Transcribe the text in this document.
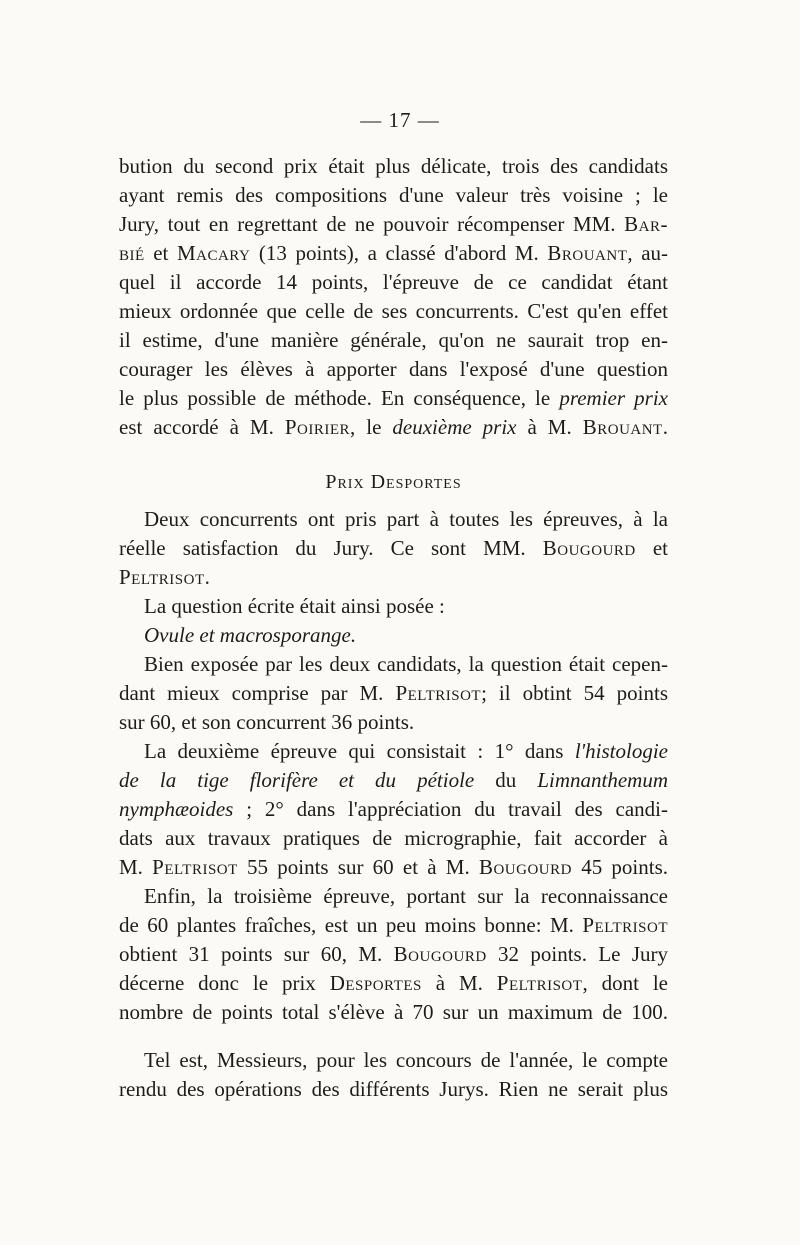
— 17 —
bution du second prix était plus délicate, trois des candidats
ayant remis des compositions d'une valeur très voisine ; le
Jury, tout en regrettant de ne pouvoir récompenser MM. Bar-
bié et Macary (13 points), a classé d'abord M. Brouant, au-
quel il accorde 14 points, l'épreuve de ce candidat étant
mieux ordonnée que celle de ses concurrents. C'est qu'en effet
il estime, d'une manière générale, qu'on ne saurait trop en-
courager les élèves à apporter dans l'exposé d'une question
le plus possible de méthode. En conséquence, le premier prix
est accordé à M. Poirier, le deuxième prix à M. Brouant.
Prix Desportes
Deux concurrents ont pris part à toutes les épreuves, à la
réelle satisfaction du Jury. Ce sont MM. Bougourd et
Peltrisot.
La question écrite était ainsi posée :
Ovule et macrosporange.
Bien exposée par les deux candidats, la question était cepen-
dant mieux comprise par M. Peltrisot; il obtint 54 points
sur 60, et son concurrent 36 points.
La deuxième épreuve qui consistait : 1° dans l'histologie
de la tige florifère et du pétiole du Limnanthemum
nymphæoides ; 2° dans l'appréciation du travail des candi-
dats aux travaux pratiques de micrographie, fait accorder à
M. Peltrisot 55 points sur 60 et à M. Bougourd 45 points.
Enfin, la troisième épreuve, portant sur la reconnaissance
de 60 plantes fraîches, est un peu moins bonne: M. Peltrisot
obtient 31 points sur 60, M. Bougourd 32 points. Le Jury
décerne donc le prix Desportes à M. Peltrisot, dont le
nombre de points total s'élève à 70 sur un maximum de 100.
Tel est, Messieurs, pour les concours de l'année, le compte
rendu des opérations des différents Jurys. Rien ne serait plus
